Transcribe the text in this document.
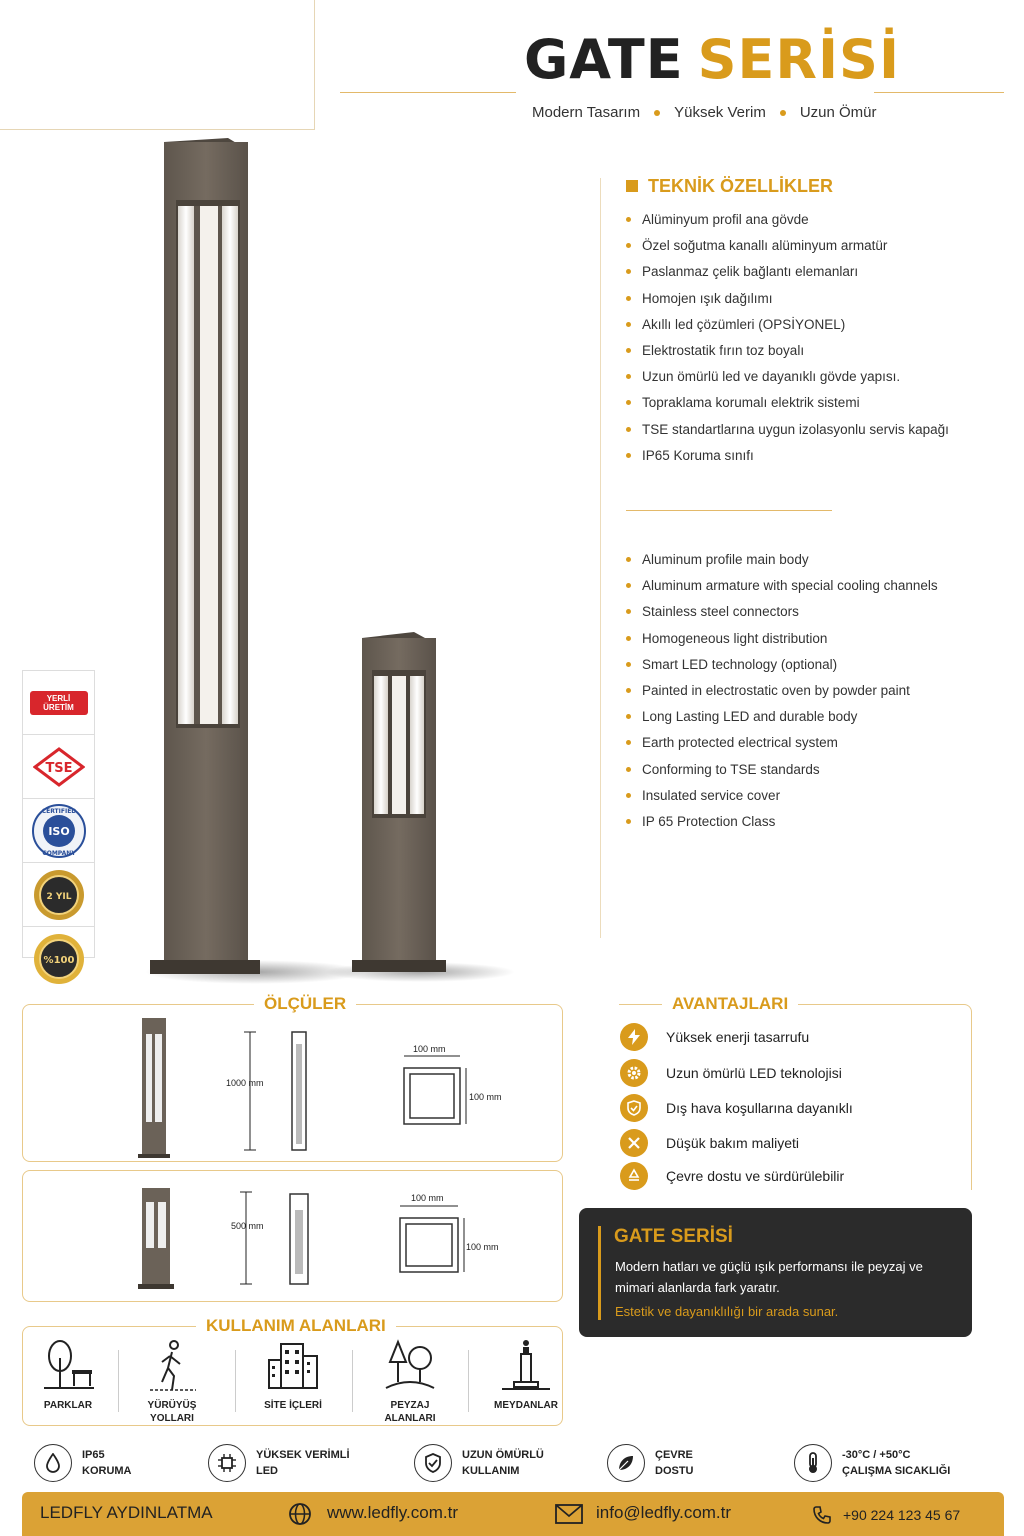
GATE SERİSİ
Modern Tasarım Yüksek Verim Uzun Ömür
TEKNİK ÖZELLİKLER
Alüminyum profil ana gövde
Özel soğutma kanallı alüminyum armatür
Paslanmaz çelik bağlantı elemanları
Homojen ışık dağılımı
Akıllı led çözümleri (OPSİYONEL)
Elektrostatik fırın toz boyalı
Uzun ömürlü led ve dayanıklı gövde yapısı.
Topraklama korumalı elektrik sistemi
TSE standartlarına uygun izolasyonlu servis kapağı
IP65 Koruma sınıfı
Aluminum profile main body
Aluminum armature with special cooling channels
Stainless steel connectors
Homogeneous light distribution
Smart LED technology (optional)
Painted in electrostatic oven by powder paint
Long Lasting LED and durable body
Earth protected electrical system
Conforming to TSE standards
Insulated service cover
IP 65 Protection Class
YERLİ ÜRETİM
TSE
CERTIFIED
ISO
COMPANY
2 YIL
%100
ÖLÇÜLER
1000 mm
100 mm
100 mm
500 mm
100 mm
100 mm
AVANTAJLARI
Yüksek enerji tasarrufu
Uzun ömürlü LED teknolojisi
Dış hava koşullarına dayanıklı
Düşük bakım maliyeti
Çevre dostu ve sürdürülebilir
GATE SERİSİ
Modern hatları ve güçlü ışık performansı ile peyzaj ve mimari alanlarda fark yaratır.
Estetik ve dayanıklılığı bir arada sunar.
KULLANIM ALANLARI
PARKLAR	YÜRÜYÜŞ
YOLLARI
SİTE İÇLERİ	PEYZAJ
ALANLARI
MEYDANLAR
IP65
KORUMA
YÜKSEK VERİMLİ
LED
UZUN ÖMÜRLÜ
KULLANIM
ÇEVRE
DOSTU
-30°C / +50°C
ÇALIŞMA SICAKLIĞI
LEDFLY AYDINLATMA	www.ledfly.com.tr	info@ledfly.com.tr	+90 224 123 45 67
